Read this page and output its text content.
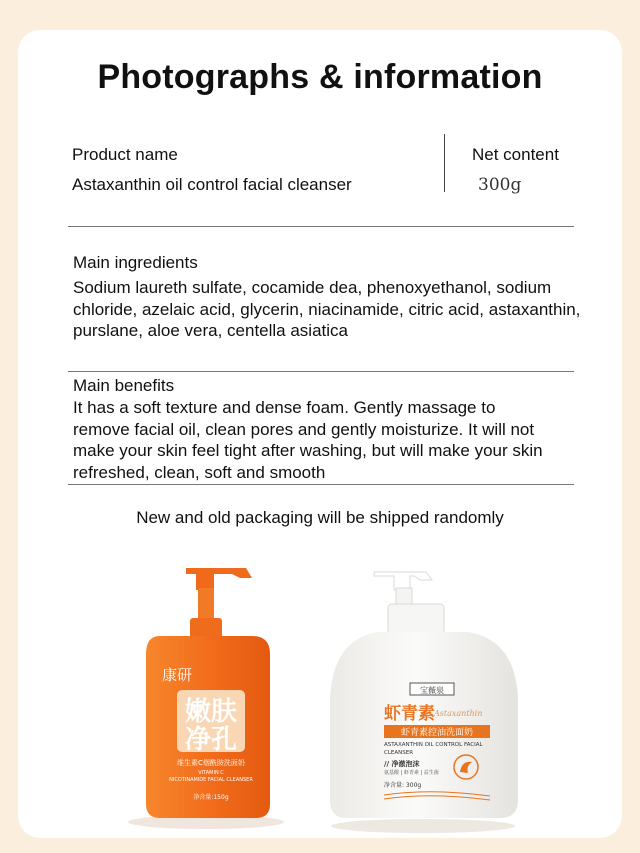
Photographs & information
Product name
Astaxanthin oil control facial cleanser
Net content
300g
Main ingredients
Sodium laureth sulfate, cocamide dea, phenoxyethanol, sodium chloride, azelaic acid, glycerin, niacinamide, citric acid, astaxanthin, purslane, aloe vera, centella asiatica
Main benefits
It has a soft texture and dense foam. Gently massage to remove facial oil, clean pores and gently moisturize. It will not make your skin feel tight after washing, but will make your skin refreshed, clean, soft and smooth
New and old packaging will be shipped randomly
康研
嫩肤
净孔
维生素C烟酰胺洗面奶
VITAMIN C
NICOTINAMIDE FACIAL CLEANSER
净含量:150g
宝薇泉
虾青素 Astaxanthin
虾青素控油洗面奶
ASTAXANTHIN OIL CONTROL FACIAL
CLEANSER
// 净澈泡沫
氨基酸 | 虾青素 | 益生菌
净含量: 300g
